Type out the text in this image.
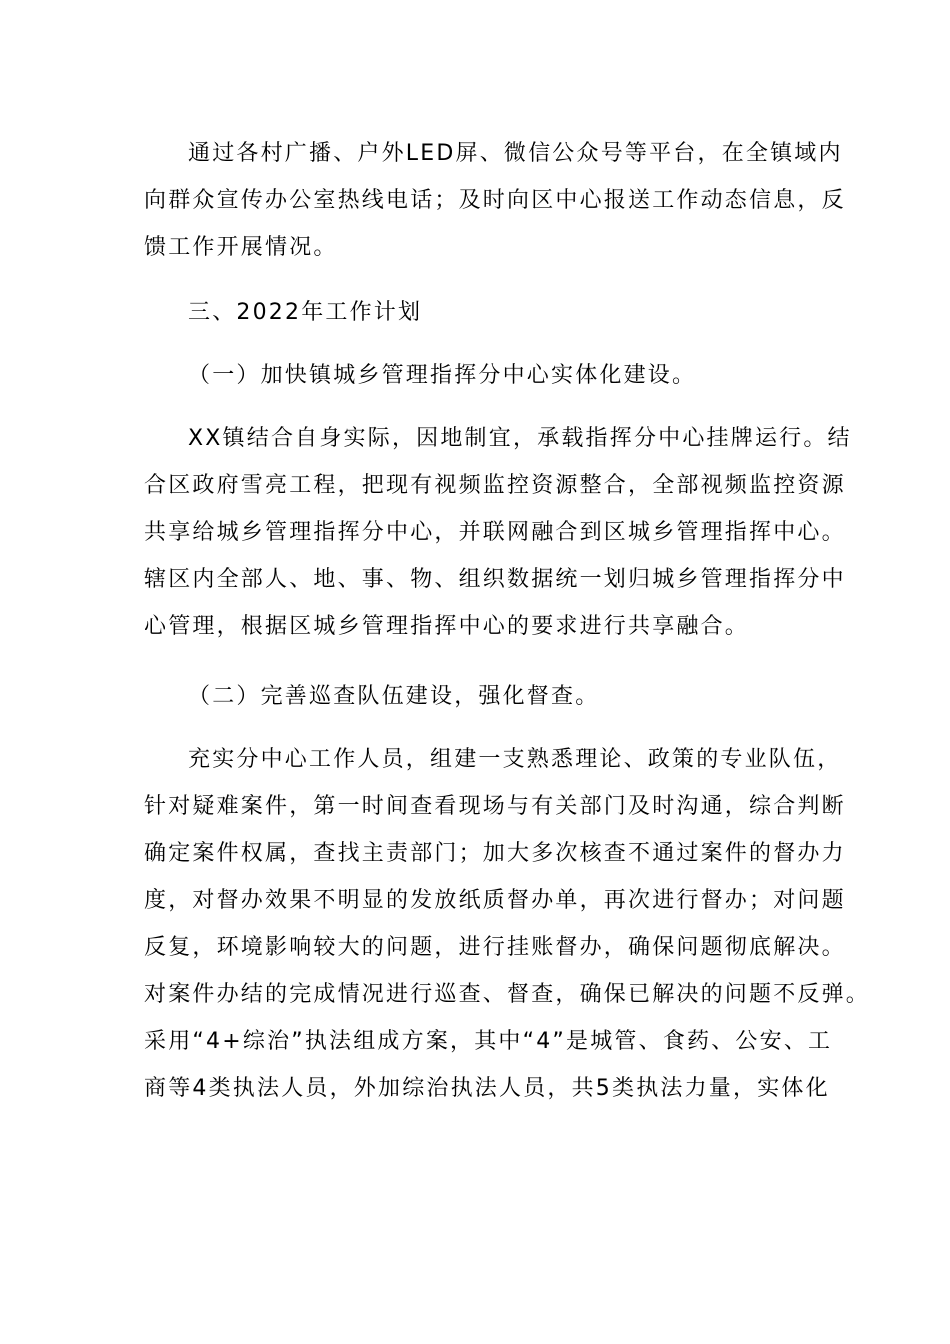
通过各村广播、户外LED屏、微信公众号等平台，在全镇域内
向群众宣传办公室热线电话；及时向区中心报送工作动态信息，反
馈工作开展情况。
三、2022年工作计划
（一）加快镇城乡管理指挥分中心实体化建设。
XX镇结合自身实际，因地制宜，承载指挥分中心挂牌运行。结
合区政府雪亮工程，把现有视频监控资源整合，全部视频监控资源
共享给城乡管理指挥分中心，并联网融合到区城乡管理指挥中心。
辖区内全部人、地、事、物、组织数据统一划归城乡管理指挥分中
心管理，根据区城乡管理指挥中心的要求进行共享融合。
（二）完善巡查队伍建设，强化督查。
充实分中心工作人员，组建一支熟悉理论、政策的专业队伍，
针对疑难案件，第一时间查看现场与有关部门及时沟通，综合判断
确定案件权属，查找主责部门；加大多次核查不通过案件的督办力
度，对督办效果不明显的发放纸质督办单，再次进行督办；对问题
反复，环境影响较大的问题，进行挂账督办，确保问题彻底解决。
对案件办结的完成情况进行巡查、督查，确保已解决的问题不反弹。
采用“4+综治”执法组成方案，其中“4”是城管、食药、公安、工
商等4类执法人员，外加综治执法人员，共5类执法力量，实体化
